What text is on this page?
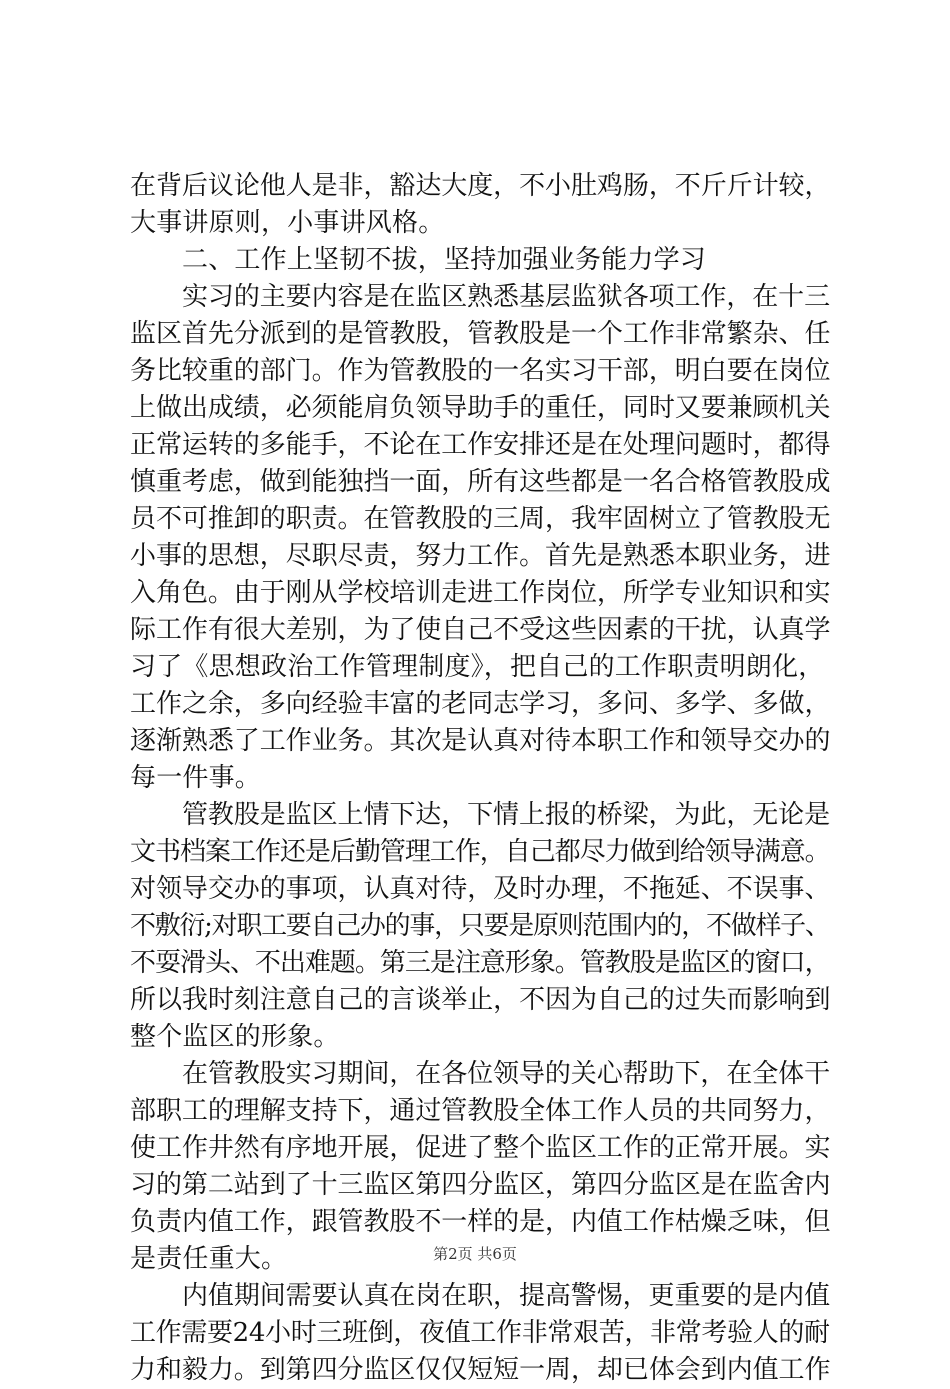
在背后议论他人是非，豁达大度，不小肚鸡肠，不斤斤计较，
大事讲原则，小事讲风格。
二、工作上坚韧不拔，坚持加强业务能力学习
实习的主要内容是在监区熟悉基层监狱各项工作，在十三
监区首先分派到的是管教股，管教股是一个工作非常繁杂、任
务比较重的部门。作为管教股的一名实习干部，明白要在岗位
上做出成绩，必须能肩负领导助手的重任，同时又要兼顾机关
正常运转的多能手，不论在工作安排还是在处理问题时，都得
慎重考虑，做到能独挡一面，所有这些都是一名合格管教股成
员不可推卸的职责。在管教股的三周，我牢固树立了管教股无
小事的思想，尽职尽责，努力工作。首先是熟悉本职业务，进
入角色。由于刚从学校培训走进工作岗位，所学专业知识和实
际工作有很大差别，为了使自己不受这些因素的干扰，认真学
习了《思想政治工作管理制度》，把自己的工作职责明朗化，
工作之余，多向经验丰富的老同志学习，多问、多学、多做，
逐渐熟悉了工作业务。其次是认真对待本职工作和领导交办的
每一件事。
管教股是监区上情下达，下情上报的桥梁，为此，无论是
文书档案工作还是后勤管理工作，自己都尽力做到给领导满意。
对领导交办的事项，认真对待，及时办理，不拖延、不误事、
不敷衍;对职工要自己办的事，只要是原则范围内的，不做样子、
不耍滑头、不出难题。第三是注意形象。管教股是监区的窗口，
所以我时刻注意自己的言谈举止，不因为自己的过失而影响到
整个监区的形象。
在管教股实习期间，在各位领导的关心帮助下，在全体干
部职工的理解支持下，通过管教股全体工作人员的共同努力，
使工作井然有序地开展，促进了整个监区工作的正常开展。实
习的第二站到了十三监区第四分监区，第四分监区是在监舍内
负责内值工作，跟管教股不一样的是，内值工作枯燥乏味，但
是责任重大。
内值期间需要认真在岗在职，提高警惕，更重要的是内值
工作需要24小时三班倒，夜值工作非常艰苦，非常考验人的耐
力和毅力。到第四分监区仅仅短短一周，却已体会到内值工作
第2页 共6页
